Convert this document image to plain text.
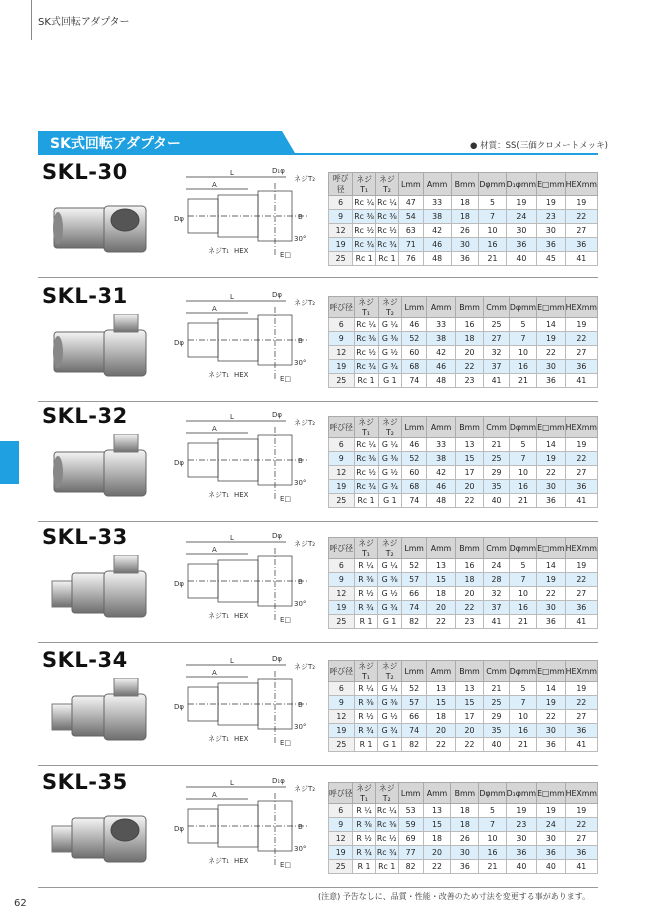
SK式回転アダプター
SK式回転アダプター	● 材質：SS(三価クロメートメッキ)
SKL-30	L
A
D₁φ
ネジT₂
B
Dφ
ネジT₁ HEX	E□
30°
呼び径	ネジT₁	ネジT₂	Lmm	Amm	Bmm	Dφmm	D₁φmm	E□mm	HEXmm
6	Rc ¼	Rc ¼	47	33	18	5	19	19	19
9	Rc ⅜	Rc ⅜	54	38	18	7	24	23	22
12	Rc ½	Rc ½	63	42	26	10	30	30	27
19	Rc ¾	Rc ¾	71	46	30	16	36	36	36
25	Rc 1	Rc 1	76	48	36	21	40	45	41
SKL-31	L
A
Dφ
ネジT₂
B
Dφ
ネジT₁ HEX	E□
30°
呼び径	ネジT₁	ネジT₂	Lmm	Amm	Bmm	Cmm	Dφmm	E□mm	HEXmm
6	Rc ¼	G ¼	46	33	16	25	5	14	19
9	Rc ⅜	G ⅜	52	38	18	27	7	19	22
12	Rc ½	G ½	60	42	20	32	10	22	27
19	Rc ¾	G ¾	68	46	22	37	16	30	36
25	Rc 1	G 1	74	48	23	41	21	36	41
SKL-32	L
A
Dφ
ネジT₂
B
Dφ
ネジT₁ HEX	E□
30°
呼び径	ネジT₁	ネジT₂	Lmm	Amm	Bmm	Cmm	Dφmm	E□mm	HEXmm
6	Rc ¼	G ¼	46	33	13	21	5	14	19
9	Rc ⅜	G ⅜	52	38	15	25	7	19	22
12	Rc ½	G ½	60	42	17	29	10	22	27
19	Rc ¾	G ¾	68	46	20	35	16	30	36
25	Rc 1	G 1	74	48	22	40	21	36	41
SKL-33	L
A
Dφ
ネジT₂
B
Dφ
ネジT₁ HEX	E□
30°
呼び径	ネジT₁	ネジT₂	Lmm	Amm	Bmm	Cmm	Dφmm	E□mm	HEXmm
6	R ¼	G ¼	52	13	16	24	5	14	19
9	R ⅜	G ⅜	57	15	18	28	7	19	22
12	R ½	G ½	66	18	20	32	10	22	27
19	R ¾	G ¾	74	20	22	37	16	30	36
25	R 1	G 1	82	22	23	41	21	36	41
SKL-34	L
A
Dφ
ネジT₂
B
Dφ
ネジT₁ HEX	E□
30°
呼び径	ネジT₁	ネジT₂	Lmm	Amm	Bmm	Cmm	Dφmm	E□mm	HEXmm
6	R ¼	G ¼	52	13	13	21	5	14	19
9	R ⅜	G ⅜	57	15	15	25	7	19	22
12	R ½	G ½	66	18	17	29	10	22	27
19	R ¾	G ¾	74	20	20	35	16	30	36
25	R 1	G 1	82	22	22	40	21	36	41
SKL-35	L
A
D₁φ
ネジT₂
B
Dφ
ネジT₁ HEX	E□
30°
呼び径	ネジT₁	ネジT₂	Lmm	Amm	Bmm	Dφmm	D₁φmm	E□mm	HEXmm
6	R ¼	Rc ¼	53	13	18	5	19	19	19
9	R ⅜	Rc ⅜	59	15	18	7	23	24	22
12	R ½	Rc ½	69	18	26	10	30	30	27
19	R ¾	Rc ¾	77	20	30	16	36	36	36
25	R 1	Rc 1	82	22	36	21	40	40	41
(注意) 予告なしに、品質・性能・改善のため寸法を変更する事があります。
62
